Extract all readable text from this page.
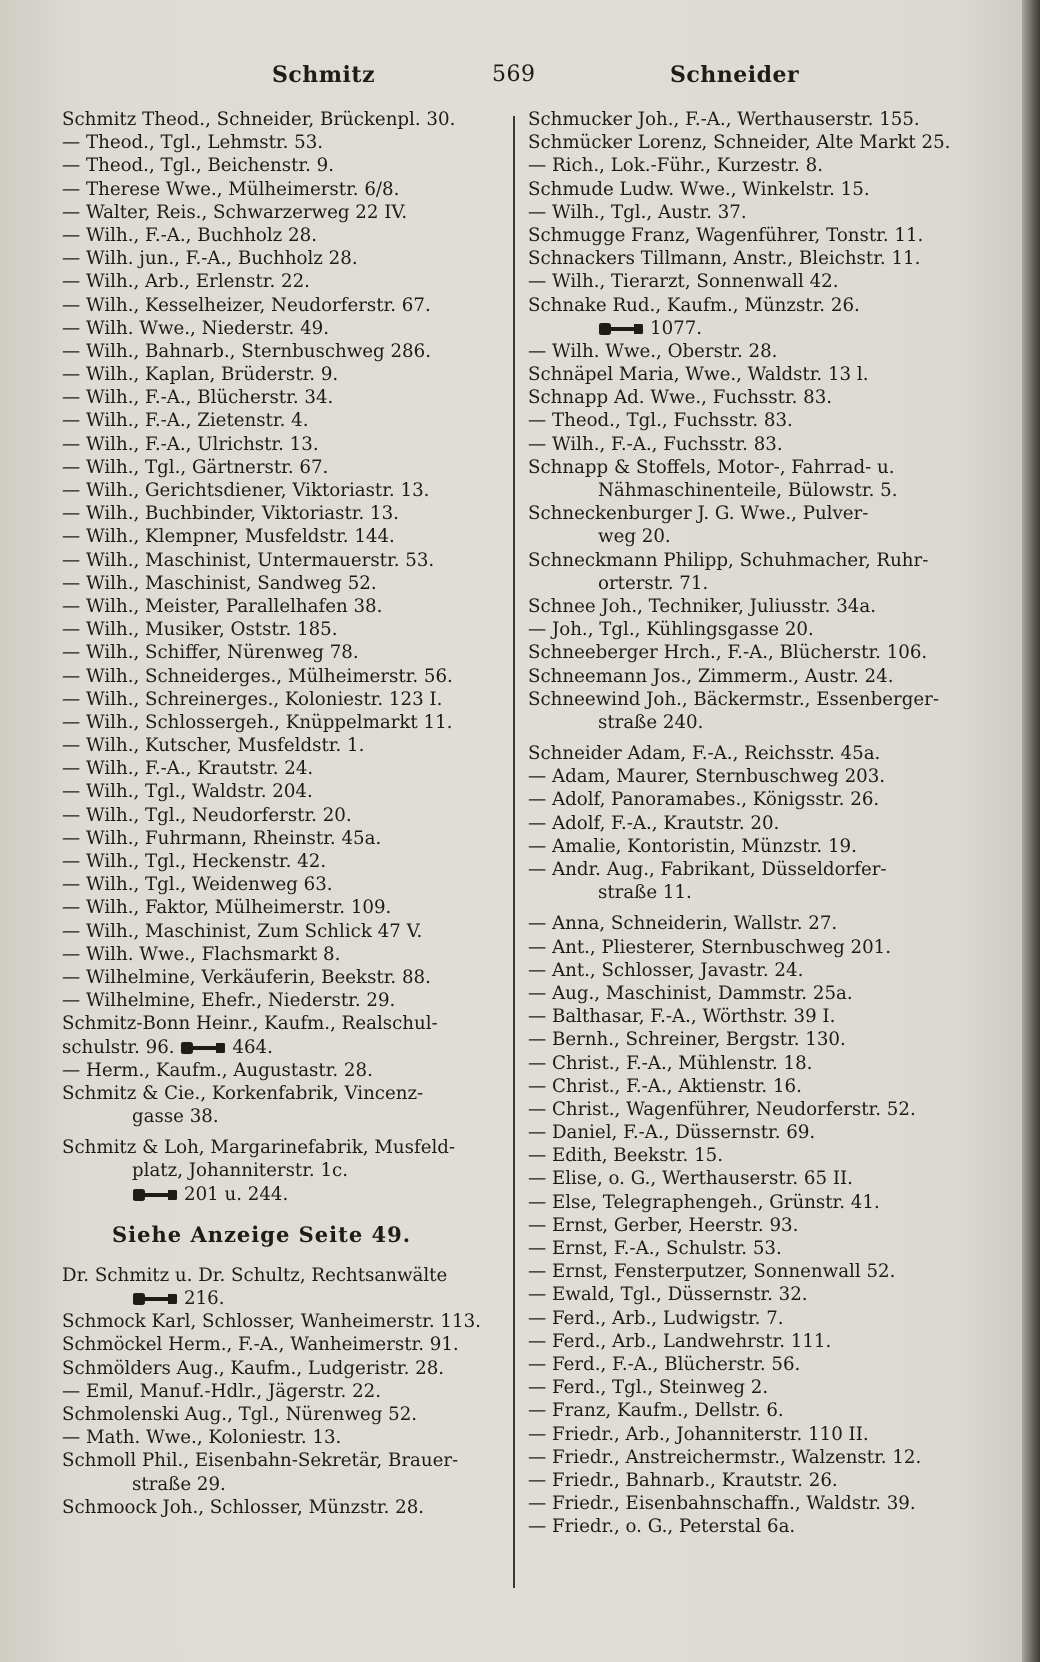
Schmitz	569	Schneider
Schmitz Theod., Schneider, Brückenpl. 30.
— Theod., Tgl., Lehmstr. 53.
— Theod., Tgl., Beichenstr. 9.
— Therese Wwe., Mülheimerstr. 6/8.
— Walter, Reis., Schwarzerweg 22 IV.
— Wilh., F.-A., Buchholz 28.
— Wilh. jun., F.-A., Buchholz 28.
— Wilh., Arb., Erlenstr. 22.
— Wilh., Kesselheizer, Neudorferstr. 67.
— Wilh. Wwe., Niederstr. 49.
— Wilh., Bahnarb., Sternbuschweg 286.
— Wilh., Kaplan, Brüderstr. 9.
— Wilh., F.-A., Blücherstr. 34.
— Wilh., F.-A., Zietenstr. 4.
— Wilh., F.-A., Ulrichstr. 13.
— Wilh., Tgl., Gärtnerstr. 67.
— Wilh., Gerichtsdiener, Viktoriastr. 13.
— Wilh., Buchbinder, Viktoriastr. 13.
— Wilh., Klempner, Musfeldstr. 144.
— Wilh., Maschinist, Untermauerstr. 53.
— Wilh., Maschinist, Sandweg 52.
— Wilh., Meister, Parallelhafen 38.
— Wilh., Musiker, Oststr. 185.
— Wilh., Schiffer, Nürenweg 78.
— Wilh., Schneiderges., Mülheimerstr. 56.
— Wilh., Schreinerges., Koloniestr. 123 I.
— Wilh., Schlossergeh., Knüppelmarkt 11.
— Wilh., Kutscher, Musfeldstr. 1.
— Wilh., F.-A., Krautstr. 24.
— Wilh., Tgl., Waldstr. 204.
— Wilh., Tgl., Neudorferstr. 20.
— Wilh., Fuhrmann, Rheinstr. 45a.
— Wilh., Tgl., Heckenstr. 42.
— Wilh., Tgl., Weidenweg 63.
— Wilh., Faktor, Mülheimerstr. 109.
— Wilh., Maschinist, Zum Schlick 47 V.
— Wilh. Wwe., Flachsmarkt 8.
— Wilhelmine, Verkäuferin, Beekstr. 88.
— Wilhelmine, Ehefr., Niederstr. 29.
Schmitz-Bonn Heinr., Kaufm., Realschul-
schulstr. 96.	464.
— Herm., Kaufm., Augustastr. 28.
Schmitz & Cie., Korkenfabrik, Vincenz-
gasse 38.
Schmitz & Loh, Margarinefabrik, Musfeld-
platz, Johanniterstr. 1c.
201 u. 244.
Siehe Anzeige Seite 49.
Dr. Schmitz u. Dr. Schultz, Rechtsanwälte
216.
Schmock Karl, Schlosser, Wanheimerstr. 113.
Schmöckel Herm., F.-A., Wanheimerstr. 91.
Schmölders Aug., Kaufm., Ludgeristr. 28.
— Emil, Manuf.-Hdlr., Jägerstr. 22.
Schmolenski Aug., Tgl., Nürenweg 52.
— Math. Wwe., Koloniestr. 13.
Schmoll Phil., Eisenbahn-Sekretär, Brauer-
straße 29.
Schmoock Joh., Schlosser, Münzstr. 28.
Schmucker Joh., F.-A., Werthauserstr. 155.
Schmücker Lorenz, Schneider, Alte Markt 25.
— Rich., Lok.-Führ., Kurzestr. 8.
Schmude Ludw. Wwe., Winkelstr. 15.
— Wilh., Tgl., Austr. 37.
Schmugge Franz, Wagenführer, Tonstr. 11.
Schnackers Tillmann, Anstr., Bleichstr. 11.
— Wilh., Tierarzt, Sonnenwall 42.
Schnake Rud., Kaufm., Münzstr. 26.
1077.
— Wilh. Wwe., Oberstr. 28.
Schnäpel Maria, Wwe., Waldstr. 13 l.
Schnapp Ad. Wwe., Fuchsstr. 83.
— Theod., Tgl., Fuchsstr. 83.
— Wilh., F.-A., Fuchsstr. 83.
Schnapp & Stoffels, Motor-, Fahrrad- u.
Nähmaschinenteile, Bülowstr. 5.
Schneckenburger J. G. Wwe., Pulver-
weg 20.
Schneckmann Philipp, Schuhmacher, Ruhr-
orterstr. 71.
Schnee Joh., Techniker, Juliusstr. 34a.
— Joh., Tgl., Kühlingsgasse 20.
Schneeberger Hrch., F.-A., Blücherstr. 106.
Schneemann Jos., Zimmerm., Austr. 24.
Schneewind Joh., Bäckermstr., Essenberger-
straße 240.
Schneider Adam, F.-A., Reichsstr. 45a.
— Adam, Maurer, Sternbuschweg 203.
— Adolf, Panoramabes., Königsstr. 26.
— Adolf, F.-A., Krautstr. 20.
— Amalie, Kontoristin, Münzstr. 19.
— Andr. Aug., Fabrikant, Düsseldorfer-
straße 11.
— Anna, Schneiderin, Wallstr. 27.
— Ant., Pliesterer, Sternbuschweg 201.
— Ant., Schlosser, Javastr. 24.
— Aug., Maschinist, Dammstr. 25a.
— Balthasar, F.-A., Wörthstr. 39 I.
— Bernh., Schreiner, Bergstr. 130.
— Christ., F.-A., Mühlenstr. 18.
— Christ., F.-A., Aktienstr. 16.
— Christ., Wagenführer, Neudorferstr. 52.
— Daniel, F.-A., Düssernstr. 69.
— Edith, Beekstr. 15.
— Elise, o. G., Werthauserstr. 65 II.
— Else, Telegraphengeh., Grünstr. 41.
— Ernst, Gerber, Heerstr. 93.
— Ernst, F.-A., Schulstr. 53.
— Ernst, Fensterputzer, Sonnenwall 52.
— Ewald, Tgl., Düssernstr. 32.
— Ferd., Arb., Ludwigstr. 7.
— Ferd., Arb., Landwehrstr. 111.
— Ferd., F.-A., Blücherstr. 56.
— Ferd., Tgl., Steinweg 2.
— Franz, Kaufm., Dellstr. 6.
— Friedr., Arb., Johanniterstr. 110 II.
— Friedr., Anstreichermstr., Walzenstr. 12.
— Friedr., Bahnarb., Krautstr. 26.
— Friedr., Eisenbahnschaffn., Waldstr. 39.
— Friedr., o. G., Peterstal 6a.
